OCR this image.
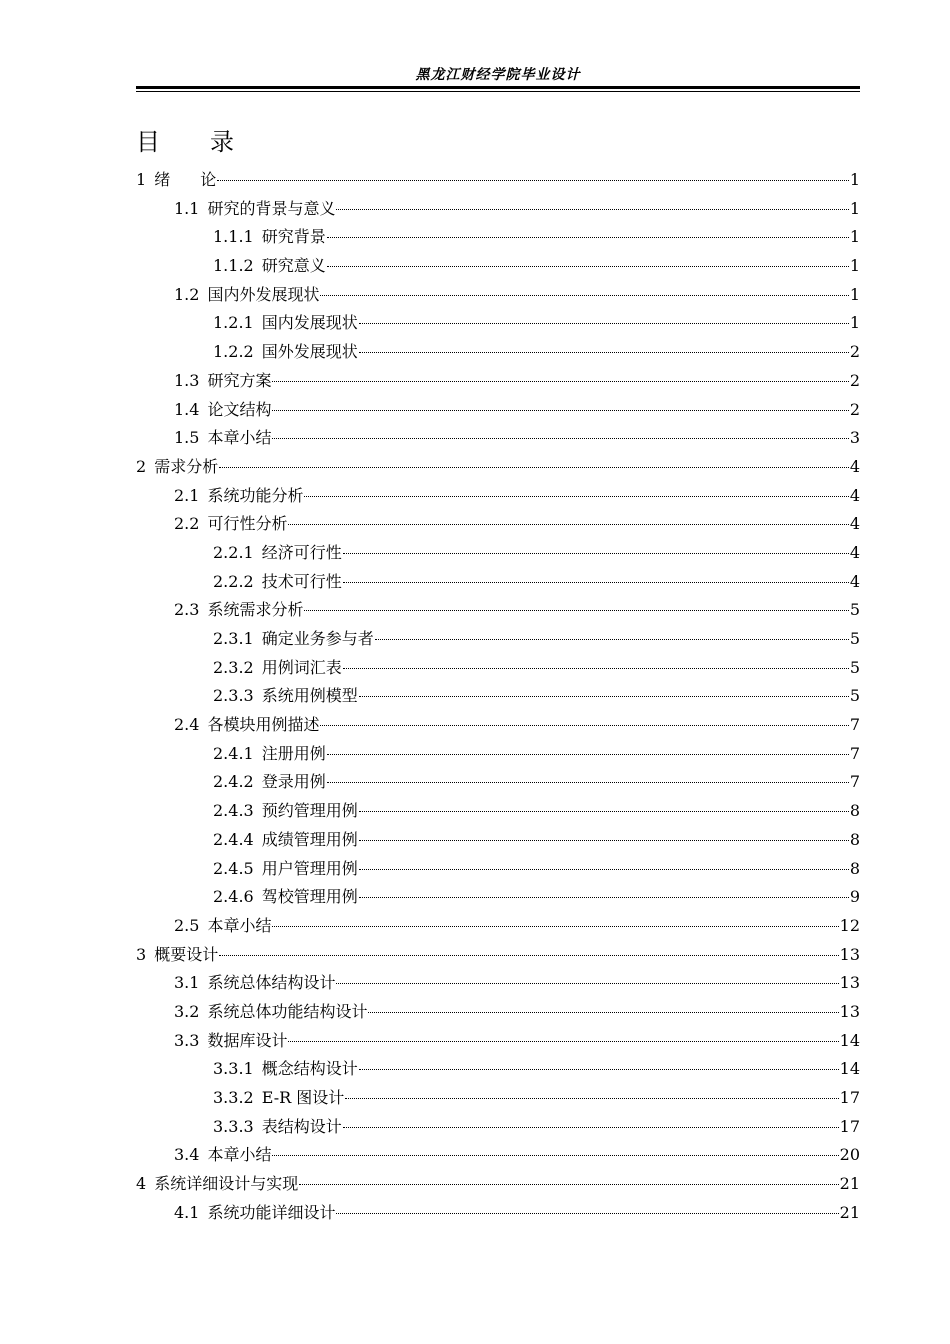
黑龙江财经学院毕业设计
目录
1 绪论	1
1.1 研究的背景与意义	1
1.1.1 研究背景	1
1.1.2 研究意义	1
1.2 国内外发展现状	1
1.2.1 国内发展现状	1
1.2.2 国外发展现状	2
1.3 研究方案	2
1.4 论文结构	2
1.5 本章小结	3
2 需求分析	4
2.1 系统功能分析	4
2.2 可行性分析	4
2.2.1 经济可行性	4
2.2.2 技术可行性	4
2.3 系统需求分析	5
2.3.1 确定业务参与者	5
2.3.2 用例词汇表	5
2.3.3 系统用例模型	5
2.4 各模块用例描述	7
2.4.1 注册用例	7
2.4.2 登录用例	7
2.4.3 预约管理用例	8
2.4.4 成绩管理用例	8
2.4.5 用户管理用例	8
2.4.6 驾校管理用例	9
2.5 本章小结	12
3 概要设计	13
3.1 系统总体结构设计	13
3.2 系统总体功能结构设计	13
3.3 数据库设计	14
3.3.1 概念结构设计	14
3.3.2 E-R 图设计	17
3.3.3 表结构设计	17
3.4 本章小结	20
4 系统详细设计与实现	21
4.1 系统功能详细设计	21
